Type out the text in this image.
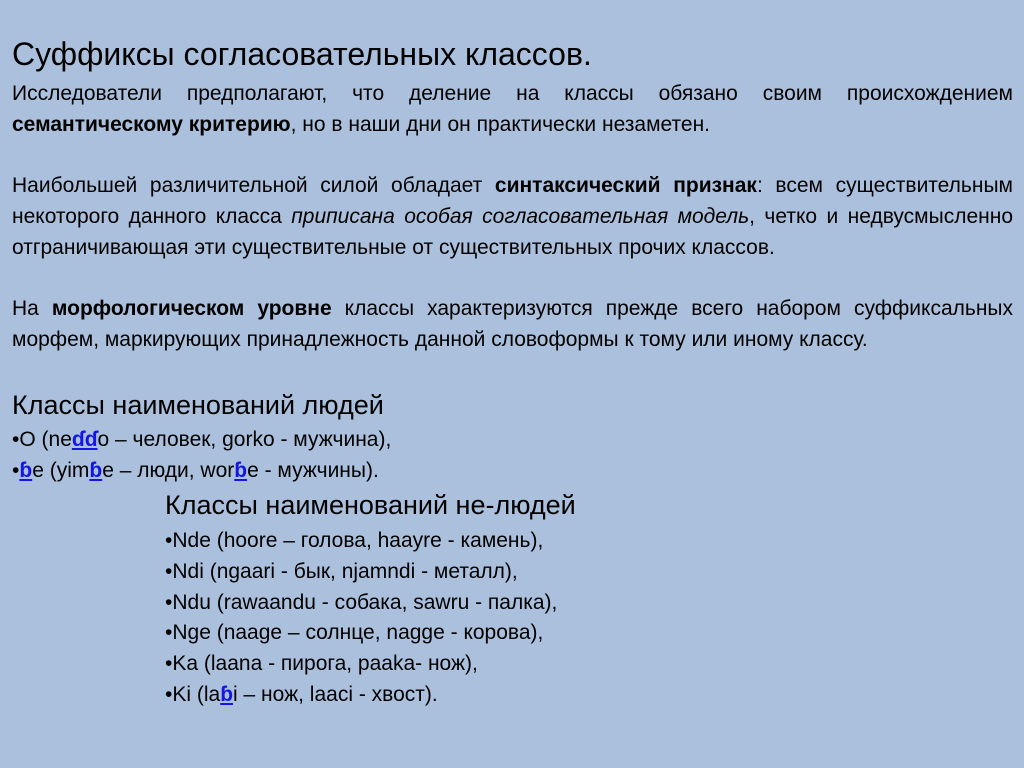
Суффиксы согласовательных классов.
Исследователи предполагают, что деление на классы обязано своим происхождением семантическому критерию, но в наши дни он практически незаметен.
Наибольшей различительной силой обладает синтаксический признак: всем существительным некоторого данного класса приписана особая согласовательная модель, четко и недвусмысленно отграничивающая эти существительные от существительных прочих классов.
На морфологическом уровне классы характеризуются прежде всего набором суффиксальных морфем, маркирующих принадлежность данной словоформы к тому или иному классу.
Классы наименований людей
•O (neɗɗo – человек, gorko - мужчина),
•ɓe (yimɓe – люди, worɓe - мужчины).
Классы наименований не-людей
•Nde (hoore – голова, haayre - камень),
•Ndi (ngaari - бык, njamndi - металл),
•Ndu (rawaandu - собака, sawru - палка),
•Nge (naage – солнце, nagge - корова),
•Ka (laana - пирога, paaka- нож),
•Ki (laɓi – нож, laaci - хвост).
